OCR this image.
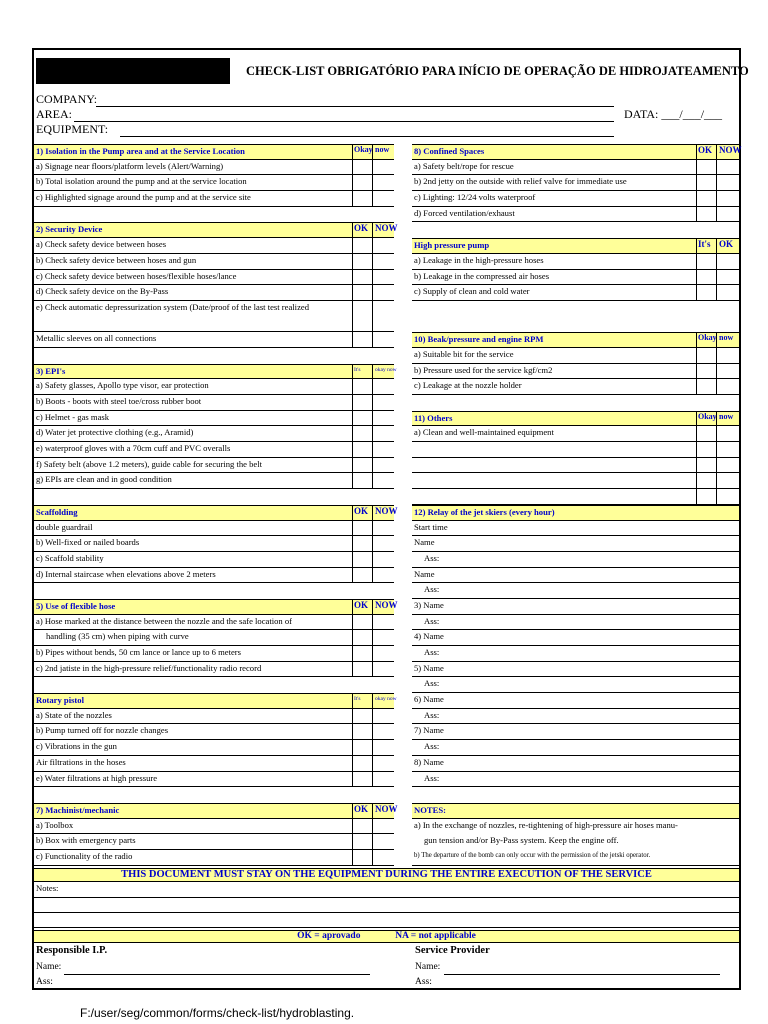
CHECK-LIST OBRIGATÓRIO PARA INÍCIO DE OPERAÇÃO DE HIDROJATEAMENTO
COMPANY:
AREA:	DATA: ___/___/___
EQUIPMENT:
1) Isolation in the Pump area and at the Service Location	Okay now
a) Signage near floors/platform levels (Alert/Warning)
b) Total isolation around the pump and at the service location
c) Highlighted signage around the pump and at the service site
2) Security Device	OK NOW
a) Check safety device between hoses
b) Check safety device between hoses and gun
c) Check safety device between hoses/flexible hoses/lance
d) Check safety device on the By-Pass
e) Check automatic depressurization system (Date/proof of the last test realized
Metallic sleeves on all connections
3) EPI's	It's	okay now
a) Safety glasses, Apollo type visor, ear protection
b) Boots - boots with steel toe/cross rubber boot
c) Helmet - gas mask
d) Water jet protective clothing (e.g., Aramid)
e) waterproof gloves with a 70cm cuff and PVC overalls
f) Safety belt (above 1.2 meters), guide cable for securing the belt
g) EPIs are clean and in good condition
Scaffolding	OK NOW
double guardrail
b) Well-fixed or nailed boards
c) Scaffold stability
d) Internal staircase when elevations above 2 meters
5) Use of flexible hose	OK NOW
a) Hose marked at the distance between the nozzle and the safe location of
handling (35 cm) when piping with curve
b) Pipes without bends, 50 cm lance or lance up to 6 meters
c) 2nd jatiste in the high-pressure relief/functionality radio record
Rotary pistol	It's	okay now
a) State of the nozzles
b) Pump turned off for nozzle changes
c) Vibrations in the gun
Air filtrations in the hoses
e) Water filtrations at high pressure
7) Machinist/mechanic	OK NOW
a) Toolbox
b) Box with emergency parts
c) Functionality of the radio
8) Confined Spaces	OK NOW
a) Safety belt/rope for rescue
b) 2nd jetty on the outside with relief valve for immediate use
c) Lighting: 12/24 volts waterproof
d) Forced ventilation/exhaust
High pressure pump	It's OK
a) Leakage in the high-pressure hoses
b) Leakage in the compressed air hoses
c) Supply of clean and cold water
10) Beak/pressure and engine RPM	Okay now
a) Suitable bit for the service
b) Pressure used for the service kgf/cm2
c) Leakage at the nozzle holder
11) Others	Okay now
a) Clean and well-maintained equipment
12) Relay of the jet skiers (every hour)
Start time
Name
Ass:
Name
Ass:
3) Name
Ass:
4) Name
Ass:
5) Name
Ass:
6) Name
Ass:
7) Name
Ass:
8) Name
Ass:
NOTES:
a) In the exchange of nozzles, re-tightening of high-pressure air hoses manu-
gun tension and/or By-Pass system. Keep the engine off.
b) The departure of the bomb can only occur with the permission of the jetski operator.
THIS DOCUMENT MUST STAY ON THE EQUIPMENT DURING THE ENTIRE EXECUTION OF THE SERVICE
Notes:
OK = aprovado	NA = not applicable
Responsible I.P.
Name:
Ass:
Service Provider
Name:
Ass:
F:/user/seg/common/forms/check-list/hydroblasting.
